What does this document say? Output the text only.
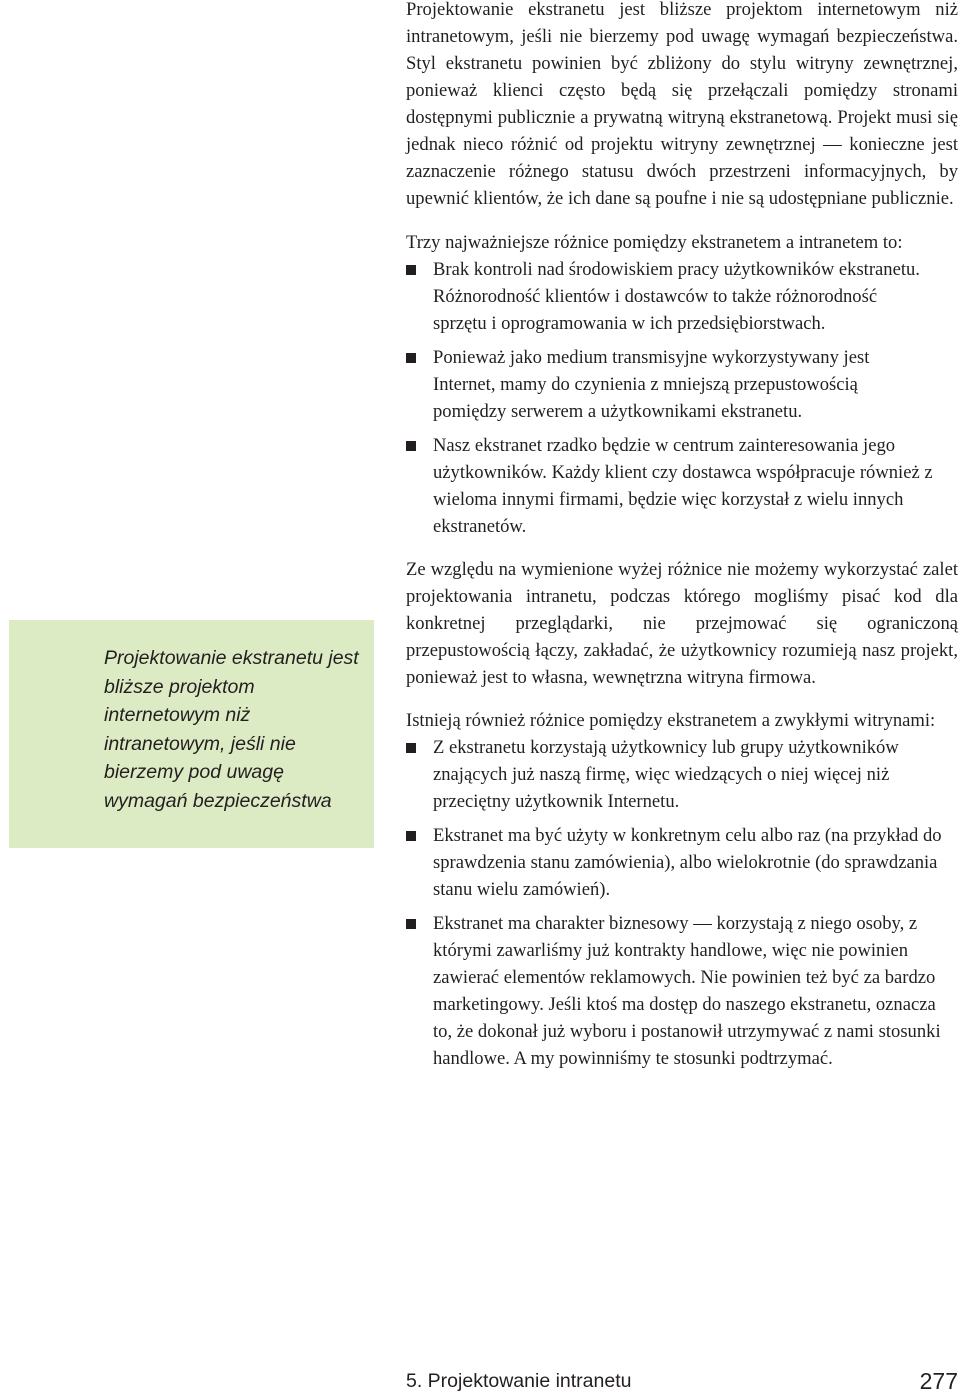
Projektowanie ekstranetu jest bliższe projektom internetowym niż intranetowym, jeśli nie bierzemy pod uwagę wymagań bezpieczeństwa. Styl ekstranetu powinien być zbliżony do stylu witryny zewnętrznej, ponieważ klienci często będą się przełączali pomiędzy stronami dostępnymi publicznie a prywatną witryną ekstranetową. Projekt musi się jednak nieco różnić od projektu witryny zewnętrznej — konieczne jest zaznaczenie różnego statusu dwóch przestrzeni informacyjnych, by upewnić klientów, że ich dane są poufne i nie są udostępniane publicznie.

Trzy najważniejsze różnice pomiędzy ekstranetem a intranetem to:

Brak kontroli nad środowiskiem pracy użytkowników ekstranetu. Różnorodność klientów i dostawców to także różnorodność sprzętu i oprogramowania w ich przedsiębiorstwach.
Ponieważ jako medium transmisyjne wykorzystywany jest Internet, mamy do czynienia z mniejszą przepustowością pomiędzy serwerem a użytkownikami ekstranetu.
Nasz ekstranet rzadko będzie w centrum zainteresowania jego użytkowników. Każdy klient czy dostawca współpracuje również z wieloma innymi firmami, będzie więc korzystał z wielu innych ekstranetów.

Ze względu na wymienione wyżej różnice nie możemy wykorzystać zalet projektowania intranetu, podczas którego mogliśmy pisać kod dla konkretnej przeglądarki, nie przejmować się ograniczoną przepustowością łączy, zakładać, że użytkownicy rozumieją nasz projekt, ponieważ jest to własna, wewnętrzna witryna firmowa.

Istnieją również różnice pomiędzy ekstranetem a zwykłymi witrynami:

Z ekstranetu korzystają użytkownicy lub grupy użytkowników znających już naszą firmę, więc wiedzących o niej więcej niż przeciętny użytkownik Internetu.
Ekstranet ma być użyty w konkretnym celu albo raz (na przykład do sprawdzenia stanu zamówienia), albo wielokrotnie (do sprawdzania stanu wielu zamówień).
Ekstranet ma charakter biznesowy — korzystają z niego osoby, z którymi zawarliśmy już kontrakty handlowe, więc nie powinien zawierać elementów reklamowych. Nie powinien też być za bardzo marketingowy. Jeśli ktoś ma dostęp do naszego ekstranetu, oznacza to, że dokonał już wyboru i postanowił utrzymywać z nami stosunki handlowe. A my powinniśmy te stosunki podtrzymać.
Projektowanie ekstranetu jest bliższe projektom internetowym niż intranetowym, jeśli nie bierzemy pod uwagę wymagań bezpieczeństwa
5. Projektowanie intranetu	277
